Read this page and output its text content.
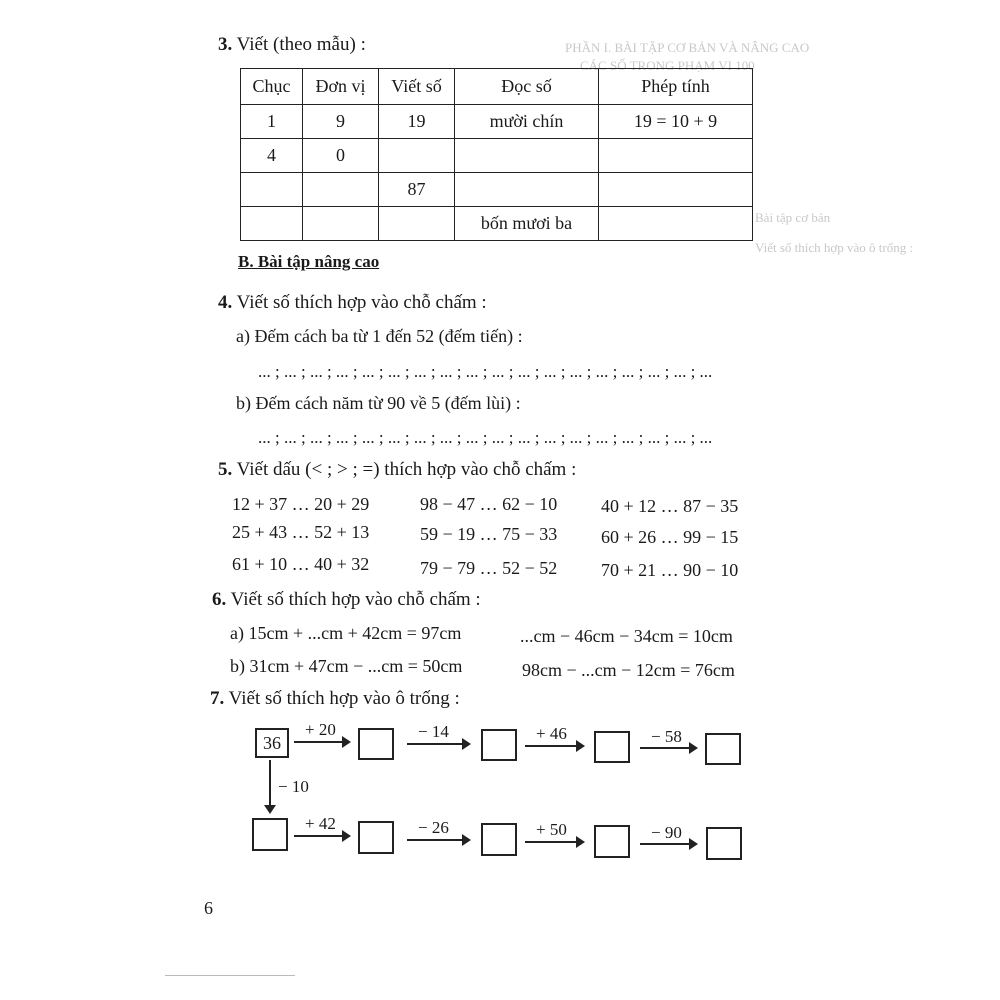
PHẦN I. BÀI TẬP CƠ BẢN VÀ NÂNG CAO
CÁC SỐ TRONG PHẠM VI 100
Bài tập cơ bản
Viết số thích hợp vào ô trống :
3. Viết (theo mẫu) :
Chục	Đơn vị	Viết số	Đọc số	Phép tính
1	9	19	mười chín	19 = 10 + 9
4	0			
		87		
			bốn mươi ba	
B. Bài tập nâng cao
4. Viết số thích hợp vào chỗ chấm :
a) Đếm cách ba từ 1 đến 52 (đếm tiến) :
... ; ... ; ... ; ... ; ... ; ... ; ... ; ... ; ... ; ... ; ... ; ... ; ... ; ... ; ... ; ... ; ... ; ...
b) Đếm cách năm từ 90 về 5 (đếm lùi) :
... ; ... ; ... ; ... ; ... ; ... ; ... ; ... ; ... ; ... ; ... ; ... ; ... ; ... ; ... ; ... ; ... ; ...
5. Viết dấu (< ; > ; =) thích hợp vào chỗ chấm :
12 + 37 … 20 + 29	98 − 47 … 62 − 10 40 + 12 … 87 − 35
25 + 43 … 52 + 13	59 − 19 … 75 − 33 60 + 26 … 99 − 15
61 + 10 … 40 + 32	79 − 79 … 52 − 52 70 + 21 … 90 − 10
6. Viết số thích hợp vào chỗ chấm :
a) 15cm + ...cm + 42cm = 97cm	...cm − 46cm − 34cm = 10cm
b) 31cm + 47cm − ...cm = 50cm	98cm − ...cm − 12cm = 76cm
7. Viết số thích hợp vào ô trống :
36
+ 20	− 14	+ 46	− 58
− 10
+ 42	− 26	+ 50	− 90
6
